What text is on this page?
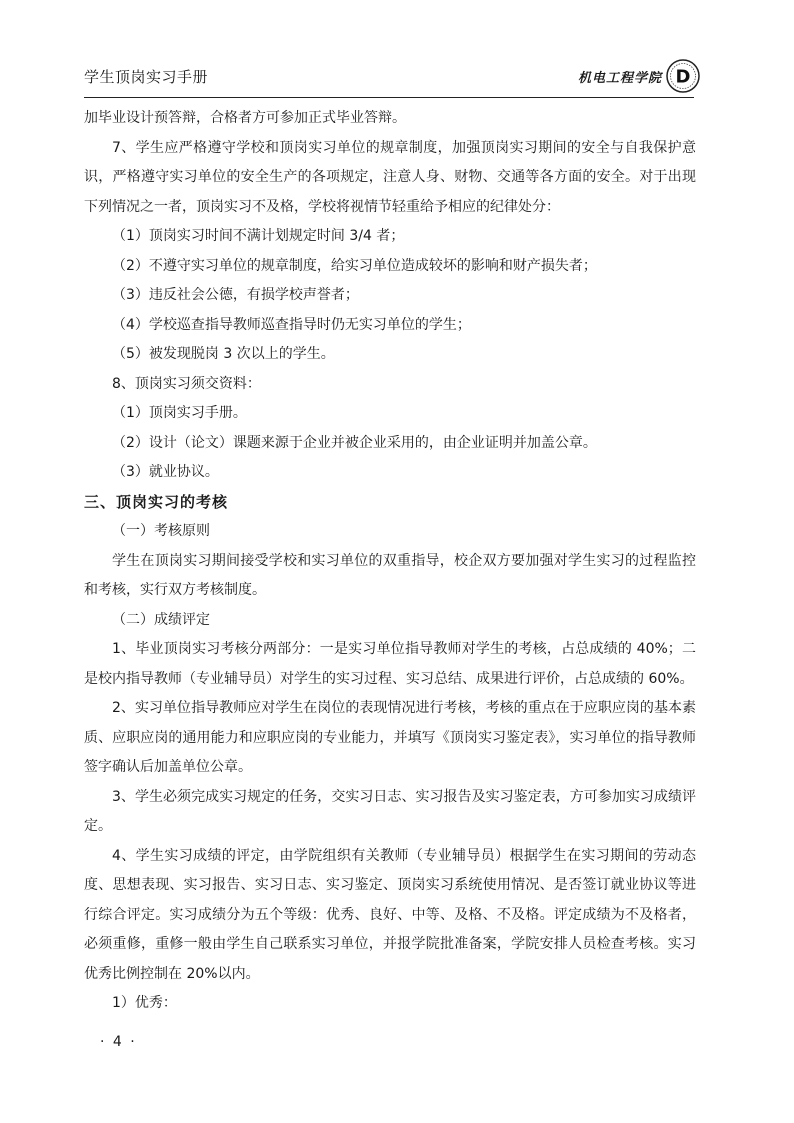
学生顶岗实习手册	机电工程学院 D

加毕业设计预答辩，合格者方可参加正式毕业答辩。

7、学生应严格遵守学校和顶岗实习单位的规章制度，加强顶岗实习期间的安全与自我保护意识，严格遵守实习单位的安全生产的各项规定，注意人身、财物、交通等各方面的安全。对于出现下列情况之一者，顶岗实习不及格，学校将视情节轻重给予相应的纪律处分：

（1）顶岗实习时间不满计划规定时间 3/4 者；

（2）不遵守实习单位的规章制度，给实习单位造成较坏的影响和财产损失者；

（3）违反社会公德，有损学校声誉者；

（4）学校巡查指导教师巡查指导时仍无实习单位的学生；

（5）被发现脱岗 3 次以上的学生。

8、顶岗实习须交资料：

（1）顶岗实习手册。

（2）设计（论文）课题来源于企业并被企业采用的，由企业证明并加盖公章。

（3）就业协议。

三、顶岗实习的考核

（一）考核原则

学生在顶岗实习期间接受学校和实习单位的双重指导，校企双方要加强对学生实习的过程监控和考核，实行双方考核制度。

（二）成绩评定

1、毕业顶岗实习考核分两部分：一是实习单位指导教师对学生的考核，占总成绩的 40%；二是校内指导教师（专业辅导员）对学生的实习过程、实习总结、成果进行评价，占总成绩的 60%。

2、实习单位指导教师应对学生在岗位的表现情况进行考核，考核的重点在于应职应岗的基本素质、应职应岗的通用能力和应职应岗的专业能力，并填写《顶岗实习鉴定表》，实习单位的指导教师签字确认后加盖单位公章。

3、学生必须完成实习规定的任务，交实习日志、实习报告及实习鉴定表，方可参加实习成绩评定。

4、学生实习成绩的评定，由学院组织有关教师（专业辅导员）根据学生在实习期间的劳动态度、思想表现、实习报告、实习日志、实习鉴定、顶岗实习系统使用情况、是否签订就业协议等进行综合评定。实习成绩分为五个等级：优秀、良好、中等、及格、不及格。评定成绩为不及格者，必须重修，重修一般由学生自己联系实习单位，并报学院批准备案，学院安排人员检查考核。实习优秀比例控制在 20%以内。

1）优秀：

· 4 ·
